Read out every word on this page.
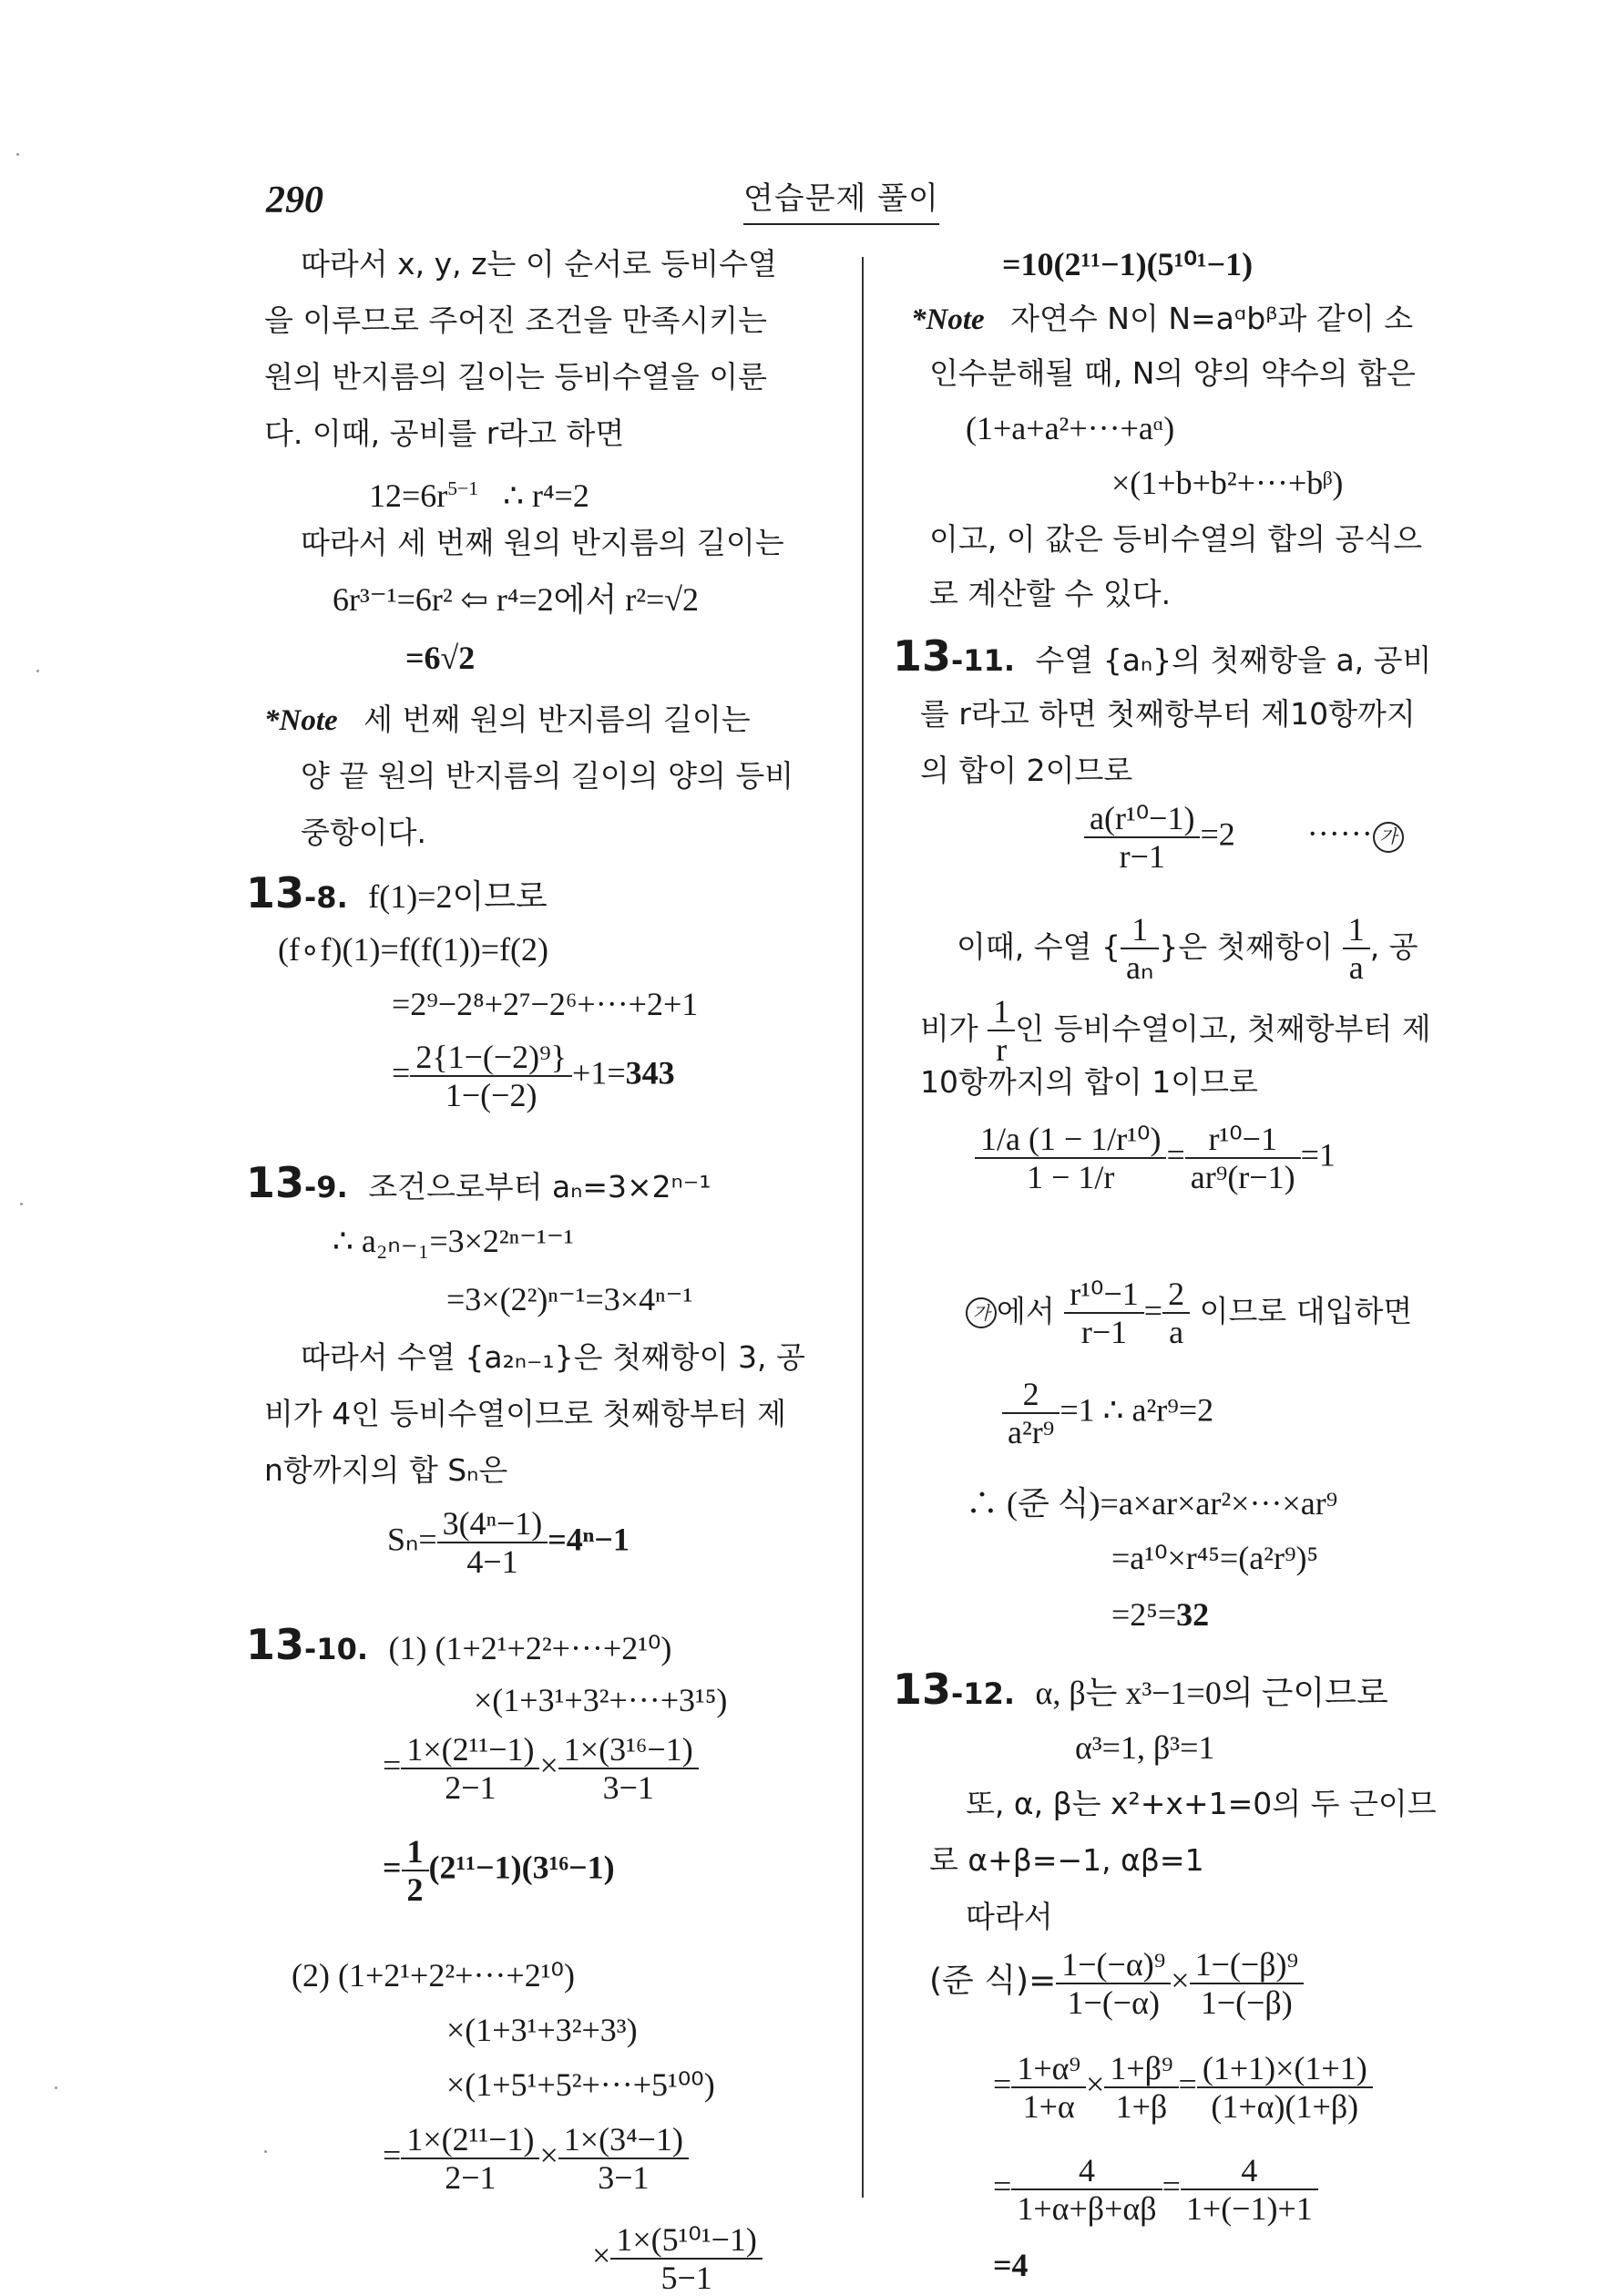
290	연습문제 풀이
따라서 x, y, z는 이 순서로 등비수열
을 이루므로 주어진 조건을 만족시키는
원의 반지름의 길이는 등비수열을 이룬
다. 이때, 공비를 r라고 하면
$12=6r^{5-1}$ ∴ r⁴=2
따라서 세 번째 원의 반지름의 길이는
6r³⁻¹=6r² ⇦ r⁴=2에서 r²=√2
=6√2
*Note 세 번째 원의 반지름의 길이는
양 끝 원의 반지름의 길이의 양의 등비
중항이다.
13-8. f(1)=2이므로
(f∘f)(1)=f(f(1))=f(2)
=2⁹−2⁸+2⁷−2⁶+···+2+1
= $\frac{\text{2\{1−(−2)⁹\}}}{1-(-2)} +1=343$
13-9. 조건으로부터 aₙ=3×2ⁿ⁻¹
∴ a₂ₙ₋₁=3×2²ⁿ⁻¹⁻¹
=3×(2²)ⁿ⁻¹=3×4ⁿ⁻¹
따라서 수열 {a₂ₙ₋₁}은 첫째항이 3, 공
비가 4인 등비수열이므로 첫째항부터 제
n항까지의 합 Sₙ은
$S_n= \frac{\text{3(4ⁿ−1)}}{4-1} =4^n-1$
13-10. (1) (1+2¹+2²+···+2¹⁰)
×(1+3¹+3²+···+3¹⁵)
= $\frac{\text{1×(2¹¹−1)}}{2-1} \times \frac{\text{1×(3¹⁶−1)}}{3-1}$
= $\frac{1}{2} (2^{11}-1)(3^{16}-1)$
(2) (1+2¹+2²+···+2¹⁰)
×(1+3¹+3²+3³)
×(1+5¹+5²+···+5¹⁰⁰)
= $\frac{\text{1×(2¹¹−1)}}{2-1} \times \frac{\text{1×(3⁴−1)}}{3-1}$
× $\frac{\text{1×(5¹⁰¹−1)}}{5-1}$
=10(2¹¹−1)(5¹⁰¹−1)
*Note 자연수 N이 N=aᵅbᵝ과 같이 소
인수분해될 때, N의 양의 약수의 합은
(1+a+a²+···+aᵅ)
×(1+b+b²+···+bᵝ)
이고, 이 값은 등비수열의 합의 공식으
로 계산할 수 있다.
13-11. 수열 {aₙ}의 첫째항을 a, 공비
를 r라고 하면 첫째항부터 제10항까지
의 합이 2이므로
$\frac{\text{a(r¹⁰−1)}}{r-1} =2$ ······ 가
이때, 수열 { $\frac{1}{\text{aₙ}}$ }은 첫째항이 $\frac{1}{a}$ , 공
비가 $\frac{1}{r}$ 인 등비수열이고, 첫째항부터 제
10항까지의 합이 1이므로
$\frac{\text{1/a (1 − 1/r¹⁰)}}{1 - 1/r} = \frac{\text{r¹⁰−1}}{\text{ar⁹(r−1)}} =1$
가 에서 $\frac{\text{r¹⁰−1}}{r-1} = \frac{2}{a}$ 이므로 대입하면
$\frac{2}{\text{a²r⁹}} =1$ ∴ a²r⁹=2
∴ (준 식)=a×ar×ar²×···×ar⁹
=a¹⁰×r⁴⁵=(a²r⁹)⁵
=2⁵=32
13-12. α, β는 x³−1=0의 근이므로
α³=1, β³=1
또, α, β는 x²+x+1=0의 두 근이므
로 α+β=−1, αβ=1
따라서
(준 식)= $\frac{\text{1−(−α)⁹}}{1-(-\alpha)} \times \frac{\text{1−(−β)⁹}}{1-(-\beta)}$
= $\frac{\text{1+α⁹}}{1+\alpha} \times \frac{\text{1+β⁹}}{1+\beta} = \frac{(1+1)\times(1+1)}{(1+\alpha)(1+\beta)}$
= $\frac{4}{1+\alpha+\beta+\alpha\beta} = \frac{4}{1+(-1)+1}$
=4
